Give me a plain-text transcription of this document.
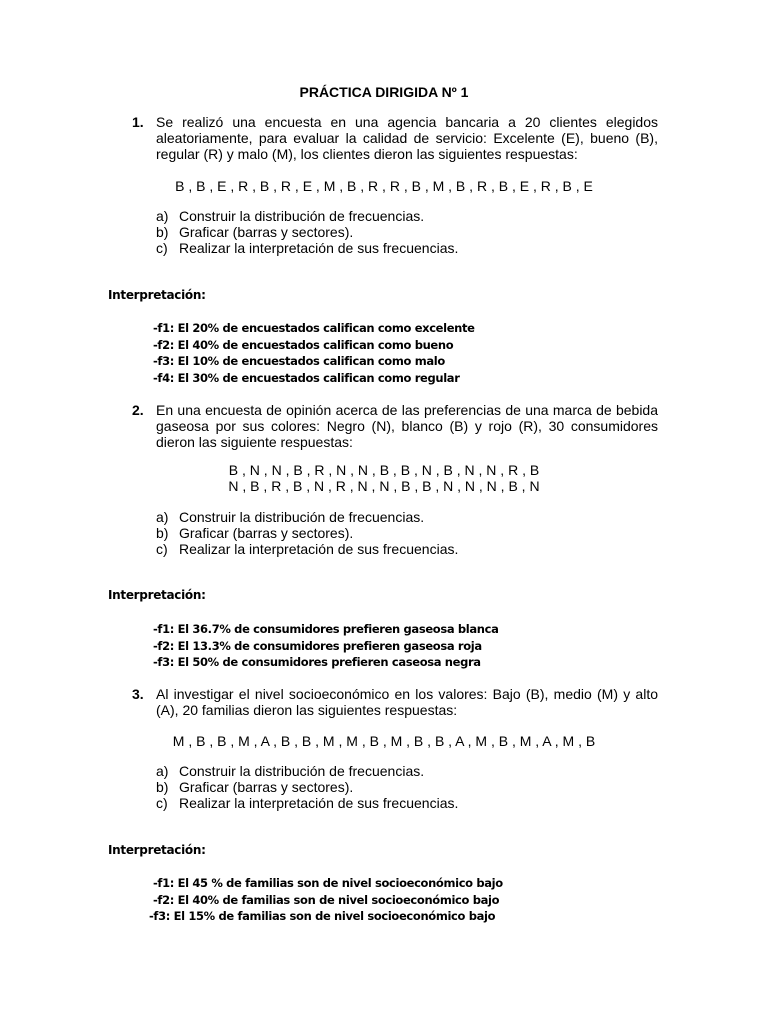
PRÁCTICA DIRIGIDA Nº 1
1. Se realizó una encuesta en una agencia bancaria a 20 clientes elegidos aleatoriamente, para evaluar la calidad de servicio: Excelente (E), bueno (B), regular (R) y malo (M), los clientes dieron las siguientes respuestas:
B , B , E , R , B , R , E , M , B , R , R , B , M , B , R , B , E , R , B , E
a) Construir la distribución de frecuencias.
b) Graficar (barras y sectores).
c) Realizar la interpretación de sus frecuencias.
Interpretación:
-f1: El 20% de encuestados califican como excelente
-f2: El 40% de encuestados califican como bueno
-f3: El 10% de encuestados califican como malo
-f4: El 30% de encuestados califican como regular
2. En una encuesta de opinión acerca de las preferencias de una marca de bebida gaseosa por sus colores: Negro (N), blanco (B) y rojo (R), 30 consumidores dieron las siguiente respuestas:
B , N , N , B , R , N , N , B , B , N , B , N , N , R , B
N , B , R , B , N , R , N , N , B , B , N , N , N , B , N
a) Construir la distribución de frecuencias.
b) Graficar (barras y sectores).
c) Realizar la interpretación de sus frecuencias.
Interpretación:
-f1: El 36.7% de consumidores prefieren gaseosa blanca
-f2: El 13.3% de consumidores prefieren gaseosa roja
-f3: El 50% de consumidores prefieren caseosa negra
3. Al investigar el nivel socioeconómico en los valores: Bajo (B), medio (M) y alto (A), 20 familias dieron las siguientes respuestas:
M , B , B , M , A , B , B , M , M , B , M , B , B , A , M , B , M , A , M , B
a) Construir la distribución de frecuencias.
b) Graficar (barras y sectores).
c) Realizar la interpretación de sus frecuencias.
Interpretación:
-f1: El 45 % de familias son de nivel socioeconómico bajo
-f2: El 40% de familias son de nivel socioeconómico bajo
-f3: El 15% de familias son de nivel socioeconómico bajo
